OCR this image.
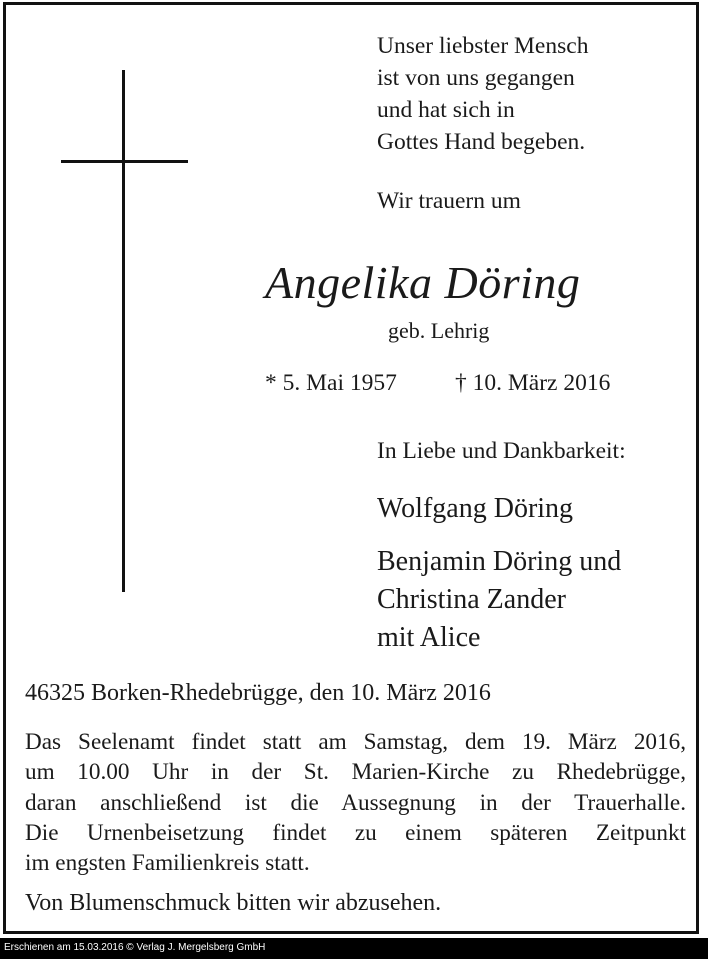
Unser liebster Mensch
ist von uns gegangen
und hat sich in
Gottes Hand begeben.
Wir trauern um
Angelika Döring
geb. Lehrig
* 5. Mai 1957 † 10. März 2016
In Liebe und Dankbarkeit:
Wolfgang Döring
Benjamin Döring und
Christina Zander
mit Alice
46325 Borken-Rhedebrügge, den 10. März 2016
Das Seelenamt findet statt am Samstag, dem 19. März 2016,
um 10.00 Uhr in der St. Marien-Kirche zu Rhedebrügge,
daran anschließend ist die Aussegnung in der Trauerhalle.
Die Urnenbeisetzung findet zu einem späteren Zeitpunkt
im engsten Familienkreis statt.
Von Blumenschmuck bitten wir abzusehen.
Erschienen am 15.03.2016 © Verlag J. Mergelsberg GmbH
